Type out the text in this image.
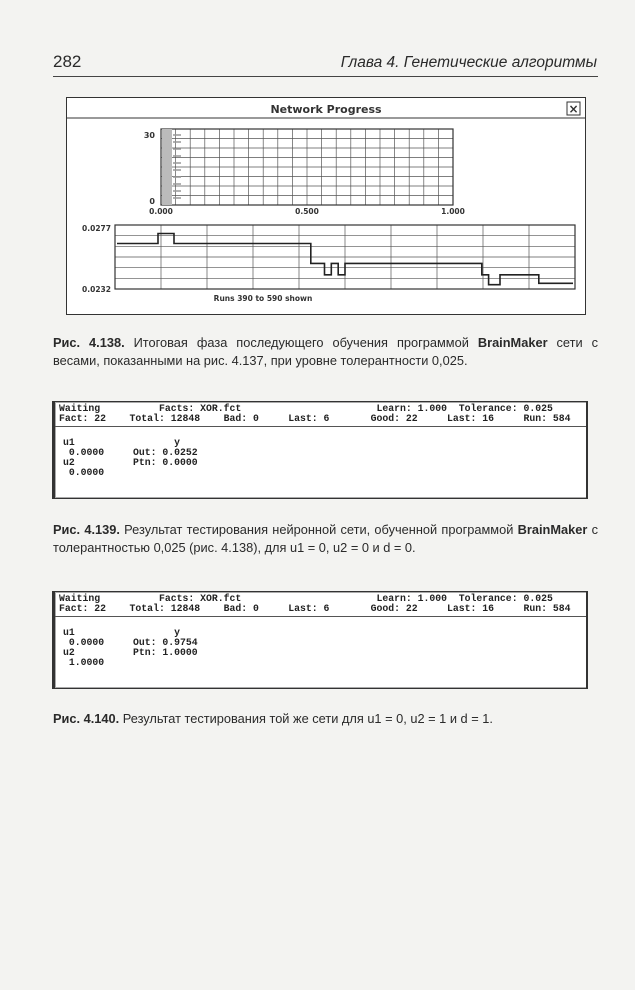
282	Глава 4. Генетические алгоритмы
Network Progress	×
30
0
0.000	0.500	1.000
0.0277
0.0232
Runs 390 to 590 shown
Рис. 4.138. Итоговая фаза последующего обучения программой BrainMaker сети с весами, показанными на рис. 4.137, при уровне толерантности 0,025.
Waiting          Facts: XOR.fct                       Learn: 1.000  Tolerance: 0.025
Fact: 22    Total: 12848    Bad: 0     Last: 6       Good: 22     Last: 16     Run: 584
u1
0.0000
u2
0.0000
y
Out: 0.0252
Ptn: 0.0000
Рис. 4.139. Результат тестирования нейронной сети, обученной программой BrainMaker с толерантностью 0,025 (рис. 4.138), для u1 = 0, u2 = 0 и d = 0.
Waiting          Facts: XOR.fct                       Learn: 1.000  Tolerance: 0.025
Fact: 22    Total: 12848    Bad: 0     Last: 6       Good: 22     Last: 16     Run: 584
u1
0.0000
u2
1.0000
y
Out: 0.9754
Ptn: 1.0000
Рис. 4.140. Результат тестирования той же сети для u1 = 0, u2 = 1 и d = 1.
